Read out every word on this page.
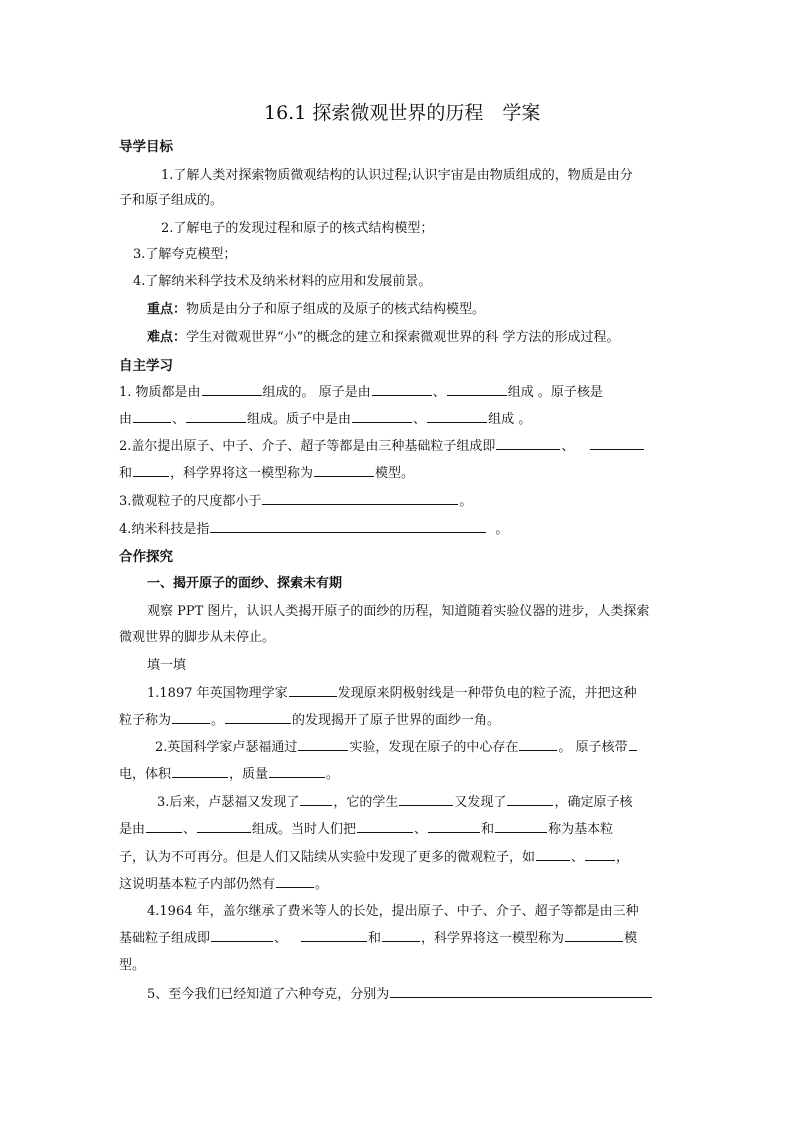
16.1 探索微观世界的历程　学案
导学目标
1.了解人类对探索物质微观结构的认识过程;认识宇宙是由物质组成的，物质是由分
子和原子组成的。
2.了解电子的发现过程和原子的核式结构模型；
3.了解夸克模型；
4.了解纳米科学技术及纳米材料的应用和发展前景。
重点：物质是由分子和原子组成的及原子的核式结构模型。
难点：学生对微观世界“小”的概念的建立和探索微观世界的科 学方法的形成过程。
自主学习
1. 物质都是由	组成的。 原子是由	、	组成 。原子核是
由	、	组成。质子中是由	、	组成 。
2.盖尔提出原子、中子、介子、超子等都是由三种基础粒子组成即	、
和	，科学界将这一模型称为	模型。
3.微观粒子的尺度都小于	。
4.纳米科技是指	。
合作探究
一、揭开原子的面纱、探索未有期
观察 PPT 图片，认识人类揭开原子的面纱的历程，知道随着实验仪器的进步，人类探索
微观世界的脚步从未停止。
填一填
1.1897 年英国物理学家	发现原来阴极射线是一种带负电的粒子流，并把这种
粒子称为	。	的发现揭开了原子世界的面纱一角。
2.英国科学家卢瑟福通过	实验，发现在原子的中心存在	。 原子核带
电，体积	，质量	。
3.后来，卢瑟福又发现了	，它的学生	又发现了	，确定原子核
是由	、	组成。当时人们把	、	和	称为基本粒
子，认为不可再分。但是人们又陆续从实验中发现了更多的微观粒子，如	、 ，
这说明基本粒子内部仍然有	。
4.1964 年，盖尔继承了费米等人的长处，提出原子、中子、介子、超子等都是由三种
基础粒子组成即	、	和	，科学界将这一模型称为	模
型。
5、至今我们已经知道了六种夸克，分别为
